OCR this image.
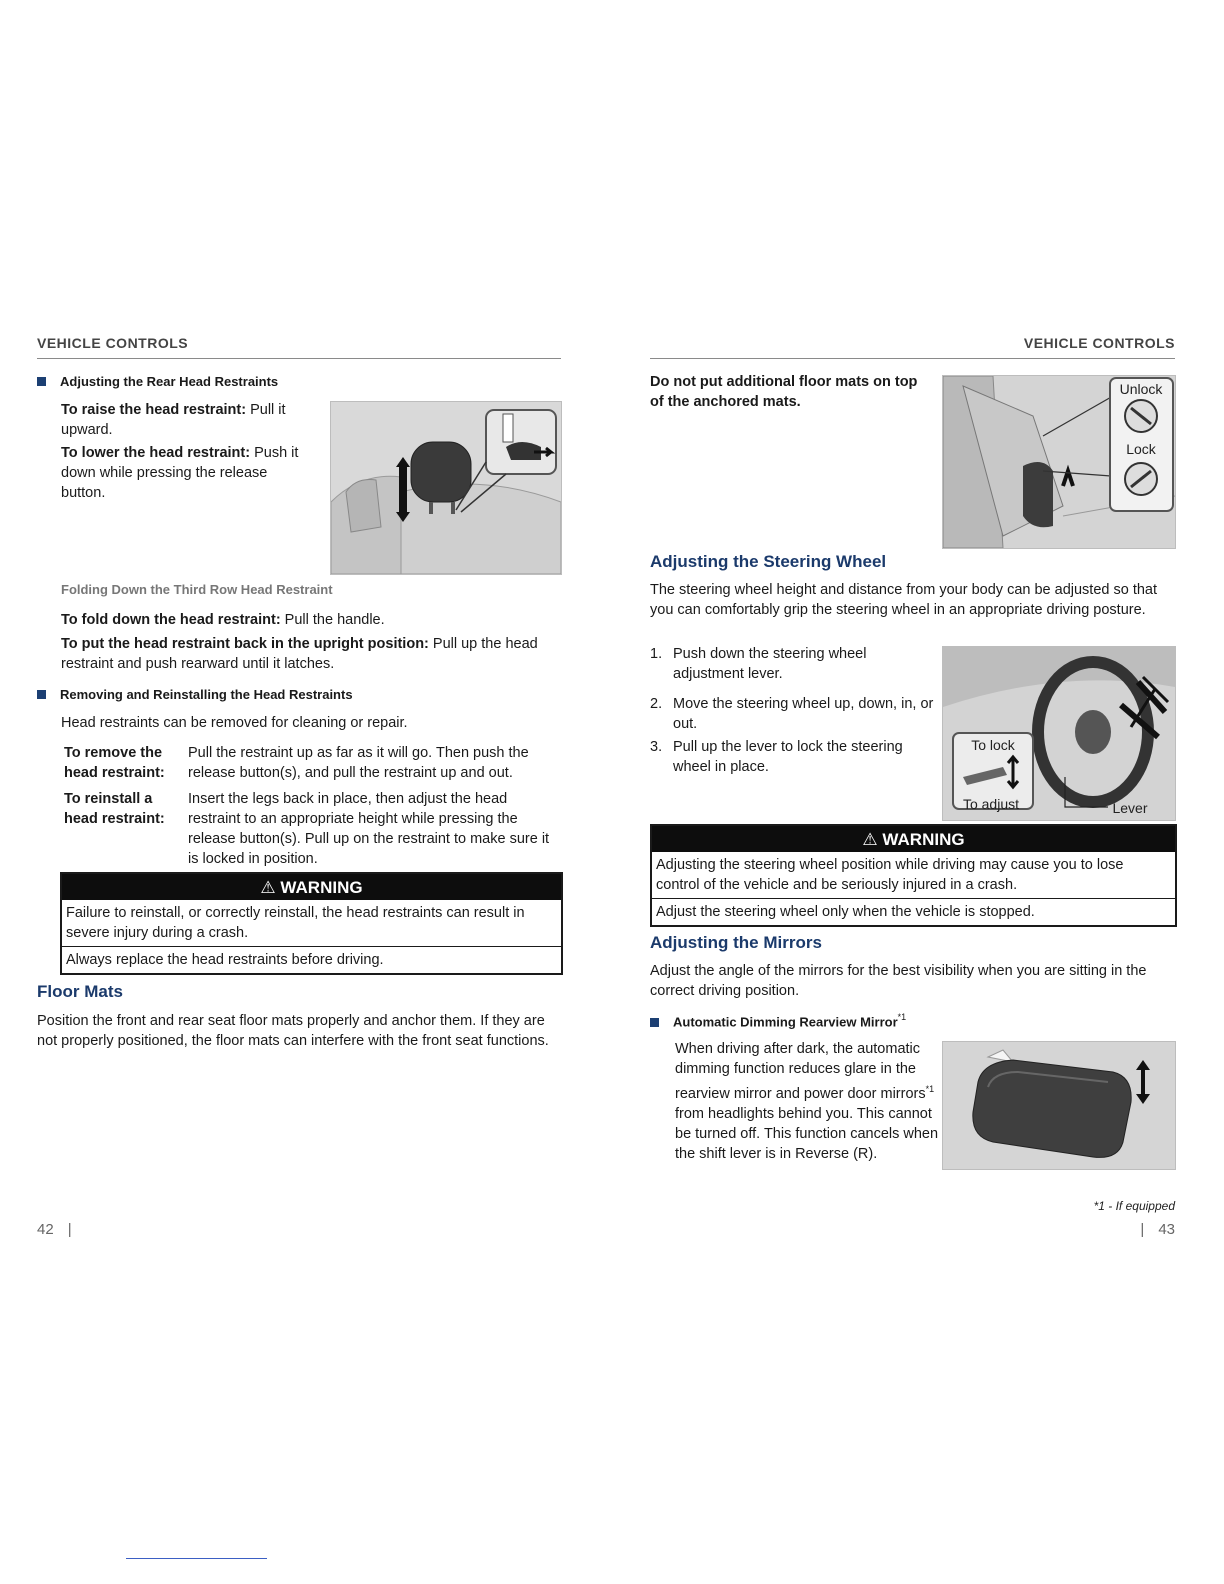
VEHICLE CONTROLS
Adjusting the Rear Head Restraints
To raise the head restraint: Pull it upward.
To lower the head restraint: Push it down while pressing the release button.
Folding Down the Third Row Head Restraint
To fold down the head restraint: Pull the handle.
To put the head restraint back in the upright position: Pull up the head restraint and push rearward until it latches.
Removing and Reinstalling the Head Restraints
Head restraints can be removed for cleaning or repair.
To remove the head restraint:	Pull the restraint up as far as it will go. Then push the release button(s), and pull the restraint up and out.
To reinstall a head restraint:	Insert the legs back in place, then adjust the head restraint to an appropriate height while pressing the release button(s). Pull up on the restraint to make sure it is locked in position.
⚠ WARNING
Failure to reinstall, or correctly reinstall, the head restraints can result in severe injury during a crash.
Always replace the head restraints before driving.
Floor Mats
Position the front and rear seat floor mats properly and anchor them. If they are not properly positioned, the floor mats can interfere with the front seat functions.
42 |
VEHICLE CONTROLS
Do not put additional floor mats on top of the anchored mats.
Unlock
Lock
Adjusting the Steering Wheel
The steering wheel height and distance from your body can be adjusted so that you can comfortably grip the steering wheel in an appropriate driving posture.
1. Push down the steering wheel adjustment lever.
2. Move the steering wheel up, down, in, or out.
3. Pull up the lever to lock the steering wheel in place.
To lock
To adjust	Lever
⚠ WARNING
Adjusting the steering wheel position while driving may cause you to lose control of the vehicle and be seriously injured in a crash.
Adjust the steering wheel only when the vehicle is stopped.
Adjusting the Mirrors
Adjust the angle of the mirrors for the best visibility when you are sitting in the correct driving position.
Automatic Dimming Rearview Mirror$^{*1}$
When driving after dark, the automatic dimming function reduces glare in the rearview mirror and power door mirrors$^{*1}$ from headlights behind you. This cannot be turned off. This function cancels when the shift lever is in Reverse (R).
*1 - If equipped
| 43
